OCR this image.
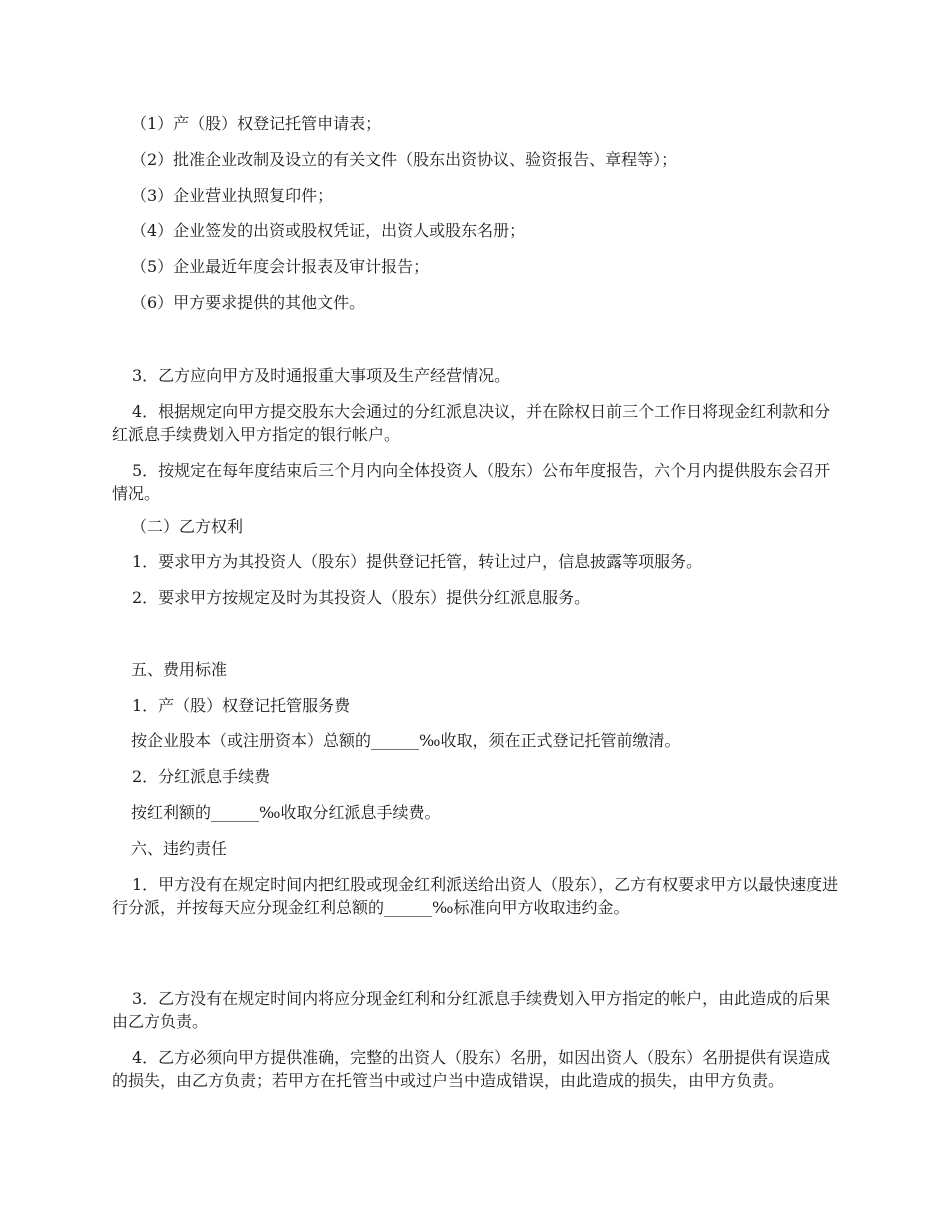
（1）产（股）权登记托管申请表；

（2）批准企业改制及设立的有关文件（股东出资协议、验资报告、章程等）；

（3）企业营业执照复印件；

（4）企业签发的出资或股权凭证，出资人或股东名册；

（5）企业最近年度会计报表及审计报告；

（6）甲方要求提供的其他文件。

3．乙方应向甲方及时通报重大事项及生产经营情况。

4．根据规定向甲方提交股东大会通过的分红派息决议，并在除权日前三个工作日将现金红利款和分红派息手续费划入甲方指定的银行帐户。

5．按规定在每年度结束后三个月内向全体投资人（股东）公布年度报告，六个月内提供股东会召开情况。

（二）乙方权利

1．要求甲方为其投资人（股东）提供登记托管，转让过户，信息披露等项服务。

2．要求甲方按规定及时为其投资人（股东）提供分红派息服务。

五、费用标准

1．产（股）权登记托管服务费

按企业股本（或注册资本）总额的______‰收取，须在正式登记托管前缴清。

2．分红派息手续费

按红利额的______‰收取分红派息手续费。

六、违约责任

1．甲方没有在规定时间内把红股或现金红利派送给出资人（股东），乙方有权要求甲方以最快速度进行分派，并按每天应分现金红利总额的______‰标准向甲方收取违约金。

3．乙方没有在规定时间内将应分现金红利和分红派息手续费划入甲方指定的帐户，由此造成的后果由乙方负责。

4．乙方必须向甲方提供准确，完整的出资人（股东）名册，如因出资人（股东）名册提供有误造成的损失，由乙方负责；若甲方在托管当中或过户当中造成错误，由此造成的损失，由甲方负责。
